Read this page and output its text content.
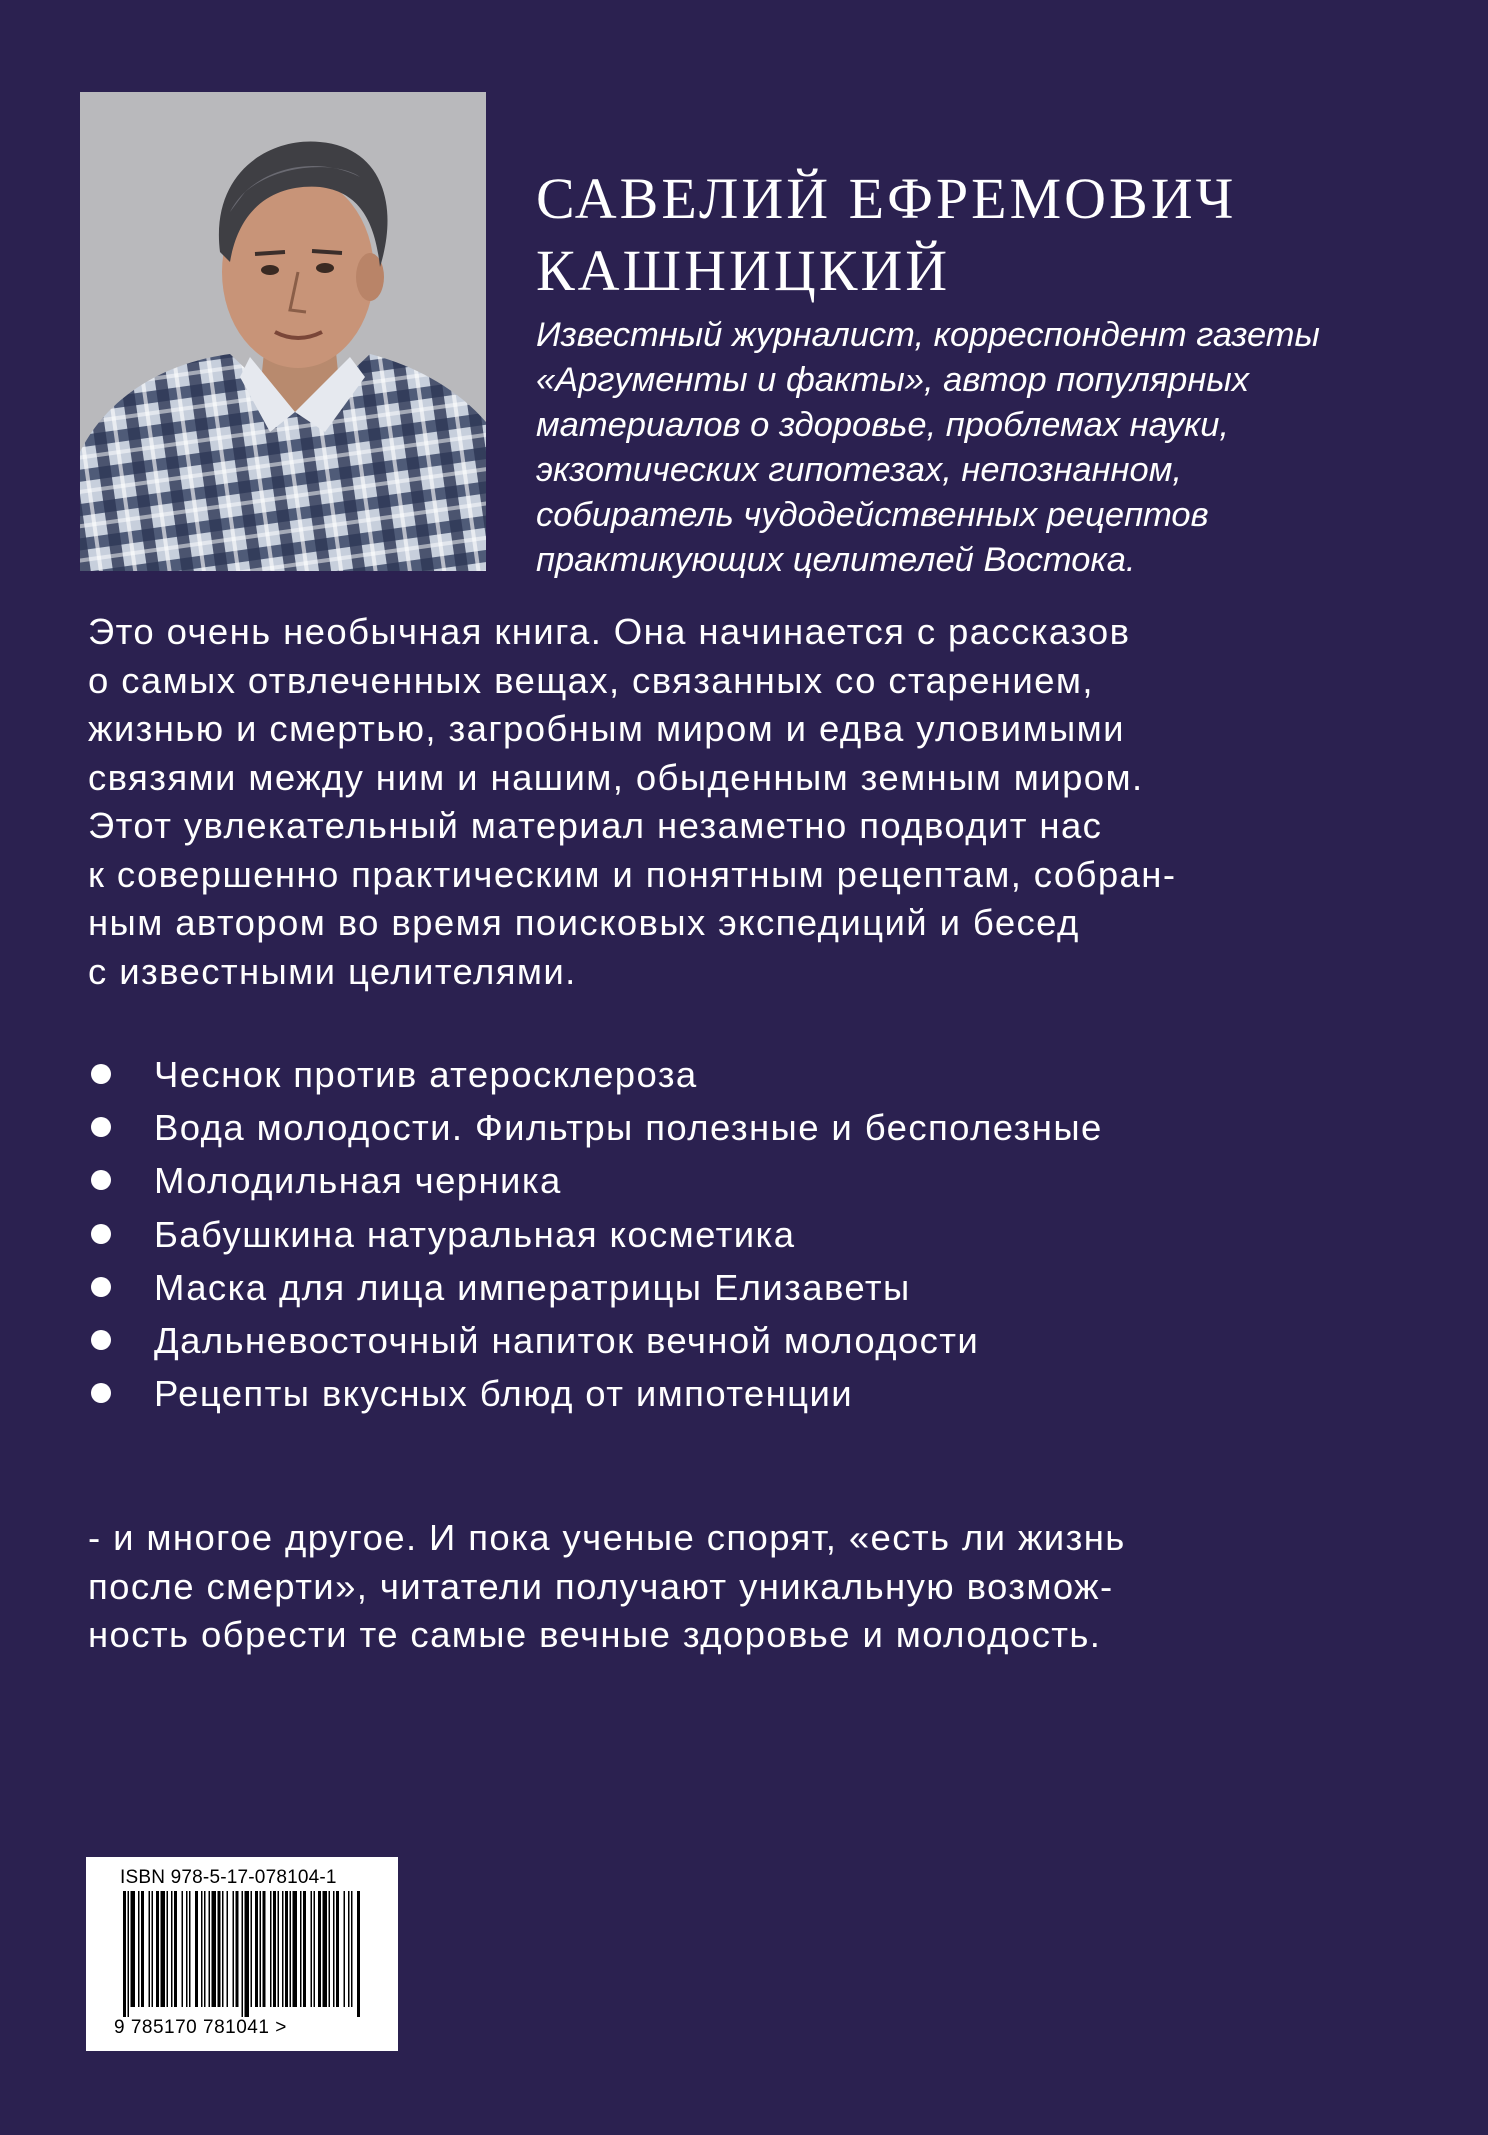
САВЕЛИЙ ЕФРЕМОВИЧ
КАШНИЦКИЙ
Известный журналист, корреспондент газеты
«Аргументы и факты», автор популярных
материалов о здоровье, проблемах науки,
экзотических гипотезах, непознанном,
собиратель чудодейственных рецептов
практикующих целителей Востока.
Это очень необычная книга. Она начинается с рассказов
о самых отвлеченных вещах, связанных со старением,
жизнью и смертью, загробным миром и едва уловимыми
связями между ним и нашим, обыденным земным миром.
Этот увлекательный материал незаметно подводит нас
к совершенно практическим и понятным рецептам, собран-
ным автором во время поисковых экспедиций и бесед
с известными целителями.
Чеснок против атеросклероза
Вода молодости. Фильтры полезные и бесполезные
Молодильная черника
Бабушкина натуральная косметика
Маска для лица императрицы Елизаветы
Дальневосточный напиток вечной молодости
Рецепты вкусных блюд от импотенции
- и многое другое. И пока ученые спорят, «есть ли жизнь
после смерти», читатели получают уникальную возмож-
ность обрести те самые вечные здоровье и молодость.
ISBN 978-5-17-078104-1
9 785170 781041 >
